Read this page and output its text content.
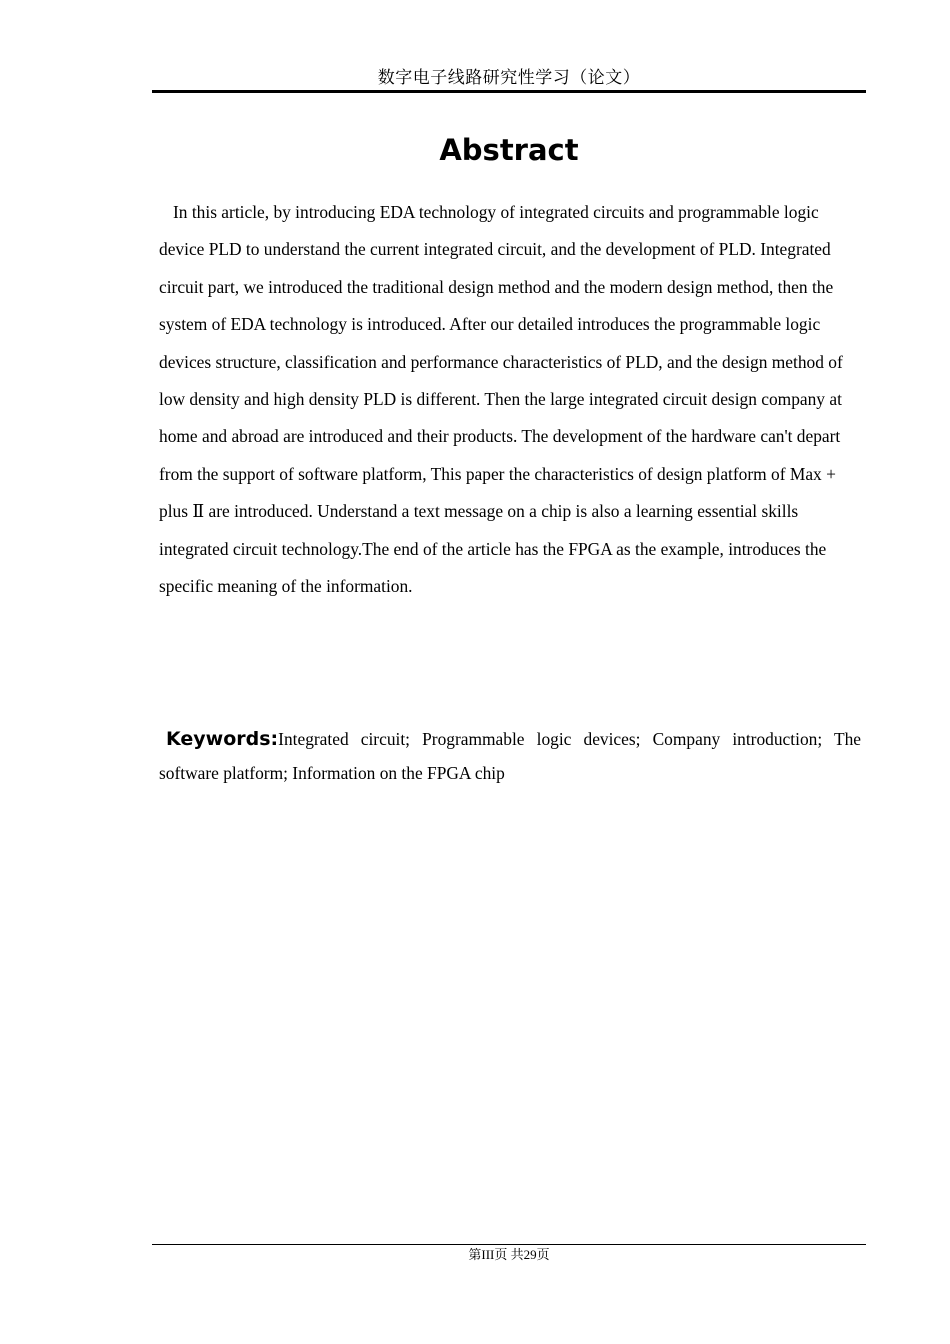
数字电子线路研究性学习（论文）
Abstract

In this article, by introducing EDA technology of integrated circuits and programmable logic device PLD to understand the current integrated circuit, and the development of PLD. Integrated circuit part, we introduced the traditional design method and the modern design method, then the system of EDA technology is introduced. After our detailed introduces the programmable logic devices structure, classification and performance characteristics of PLD, and the design method of low density and high density PLD is different. Then the large integrated circuit design company at home and abroad are introduced and their products. The development of the hardware can't depart from the support of software platform, This paper the characteristics of design platform of Max + plus Ⅱ are introduced. Understand a text message on a chip is also a learning essential skills integrated circuit technology.The end of the article has the FPGA as the example, introduces the specific meaning of the information.

Keywords:Integrated circuit; Programmable logic devices; Company introduction; The software platform; Information on the FPGA chip

第III页 共29页
